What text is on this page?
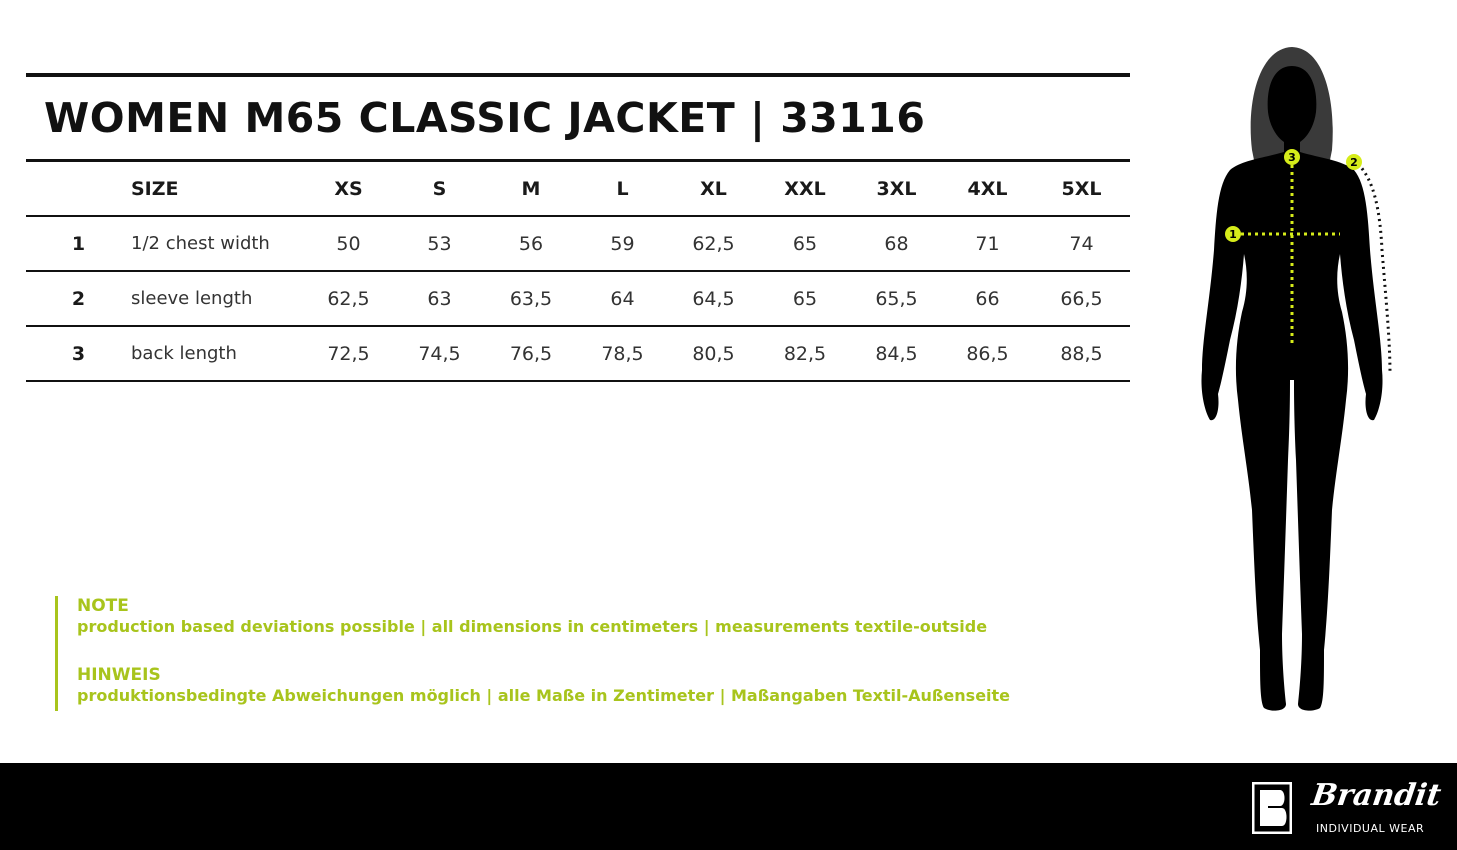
WOMEN M65 CLASSIC JACKET | 33116
	SIZE	XS	S	M	L	XL	XXL	3XL	4XL	5XL
1	1/2 chest width	50	53	56	59	62,5	65	68	71	74
2	sleeve length	62,5	63	63,5	64	64,5	65	65,5	66	66,5
3	back length	72,5	74,5	76,5	78,5	80,5	82,5	84,5	86,5	88,5
NOTE
production based deviations possible | all dimensions in centimeters | measurements textile-outside
HINWEIS
produktionsbedingte Abweichungen möglich | alle Maße in Zentimeter | Maßangaben Textil-Außenseite
1
2
3
Brandit
INDIVIDUAL WEAR
